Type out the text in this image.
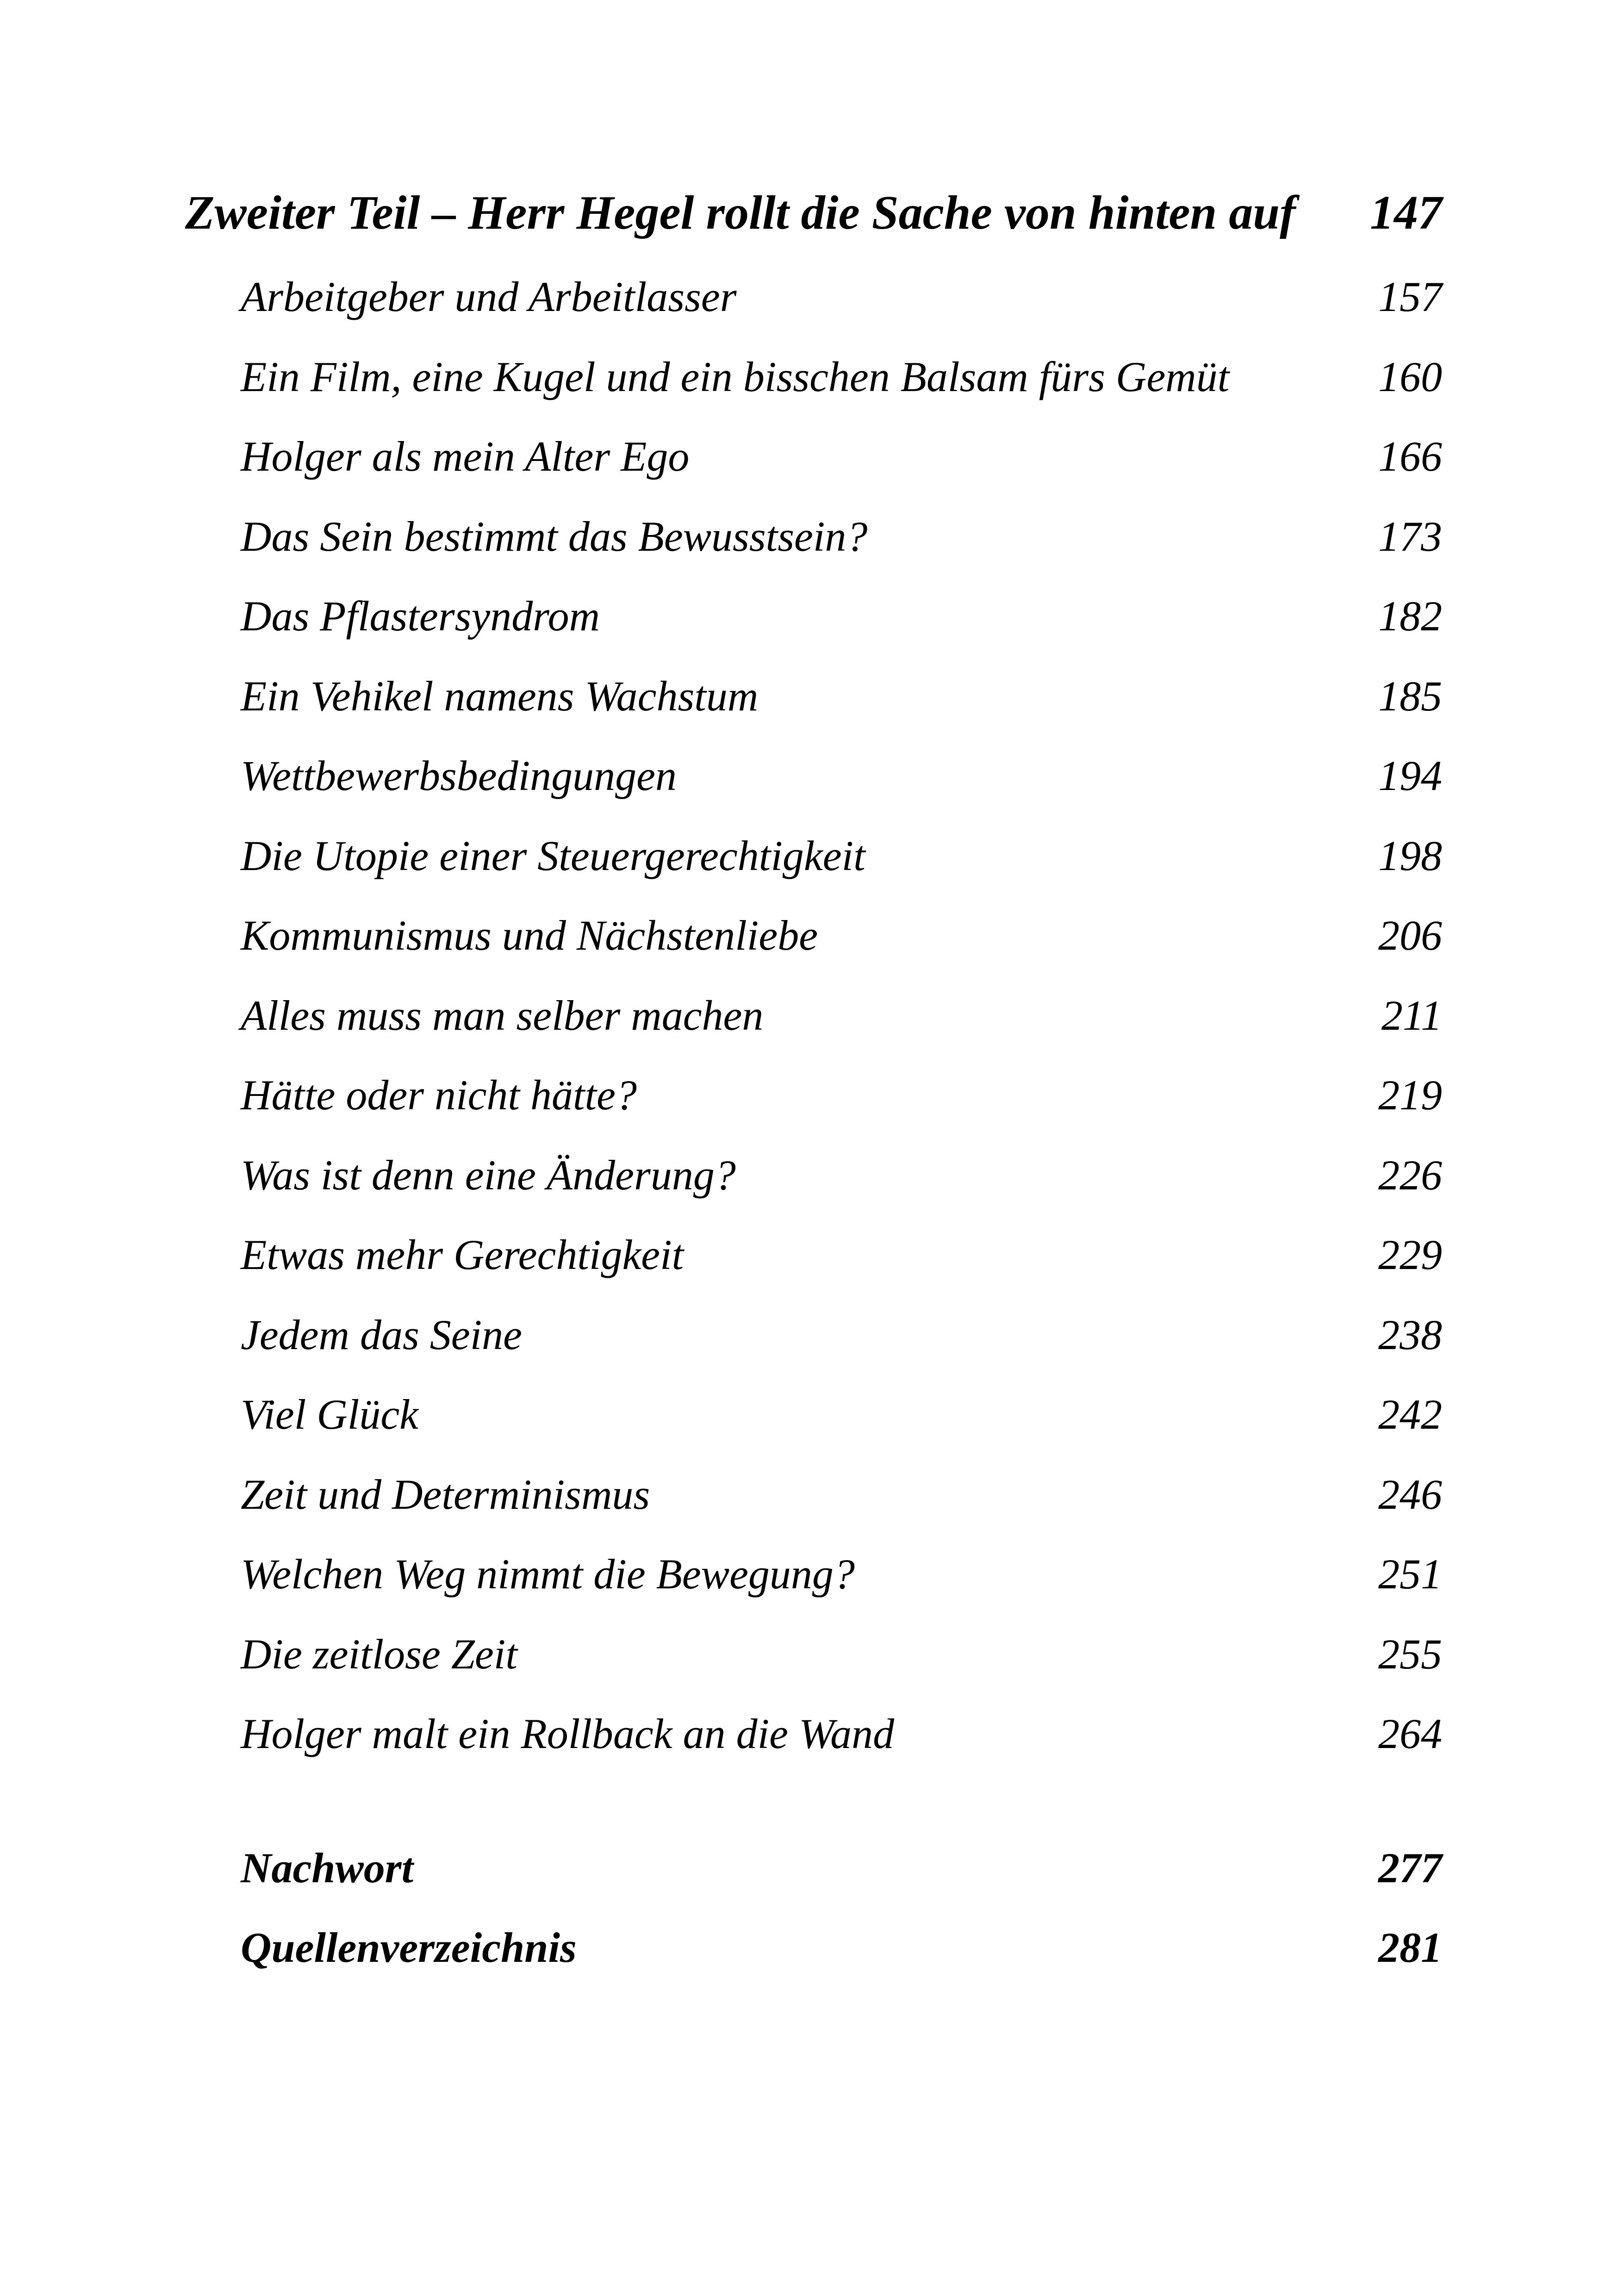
Zweiter Teil – Herr Hegel rollt die Sache von hinten auf 147
Arbeitgeber und Arbeitlasser	157
Ein Film, eine Kugel und ein bisschen Balsam fürs Gemüt	160
Holger als mein Alter Ego	166
Das Sein bestimmt das Bewusstsein?	173
Das Pflastersyndrom	182
Ein Vehikel namens Wachstum	185
Wettbewerbsbedingungen	194
Die Utopie einer Steuergerechtigkeit	198
Kommunismus und Nächstenliebe	206
Alles muss man selber machen	211
Hätte oder nicht hätte?	219
Was ist denn eine Änderung?	226
Etwas mehr Gerechtigkeit	229
Jedem das Seine	238
Viel Glück	242
Zeit und Determinismus	246
Welchen Weg nimmt die Bewegung?	251
Die zeitlose Zeit	255
Holger malt ein Rollback an die Wand	264
Nachwort	277
Quellenverzeichnis	281
